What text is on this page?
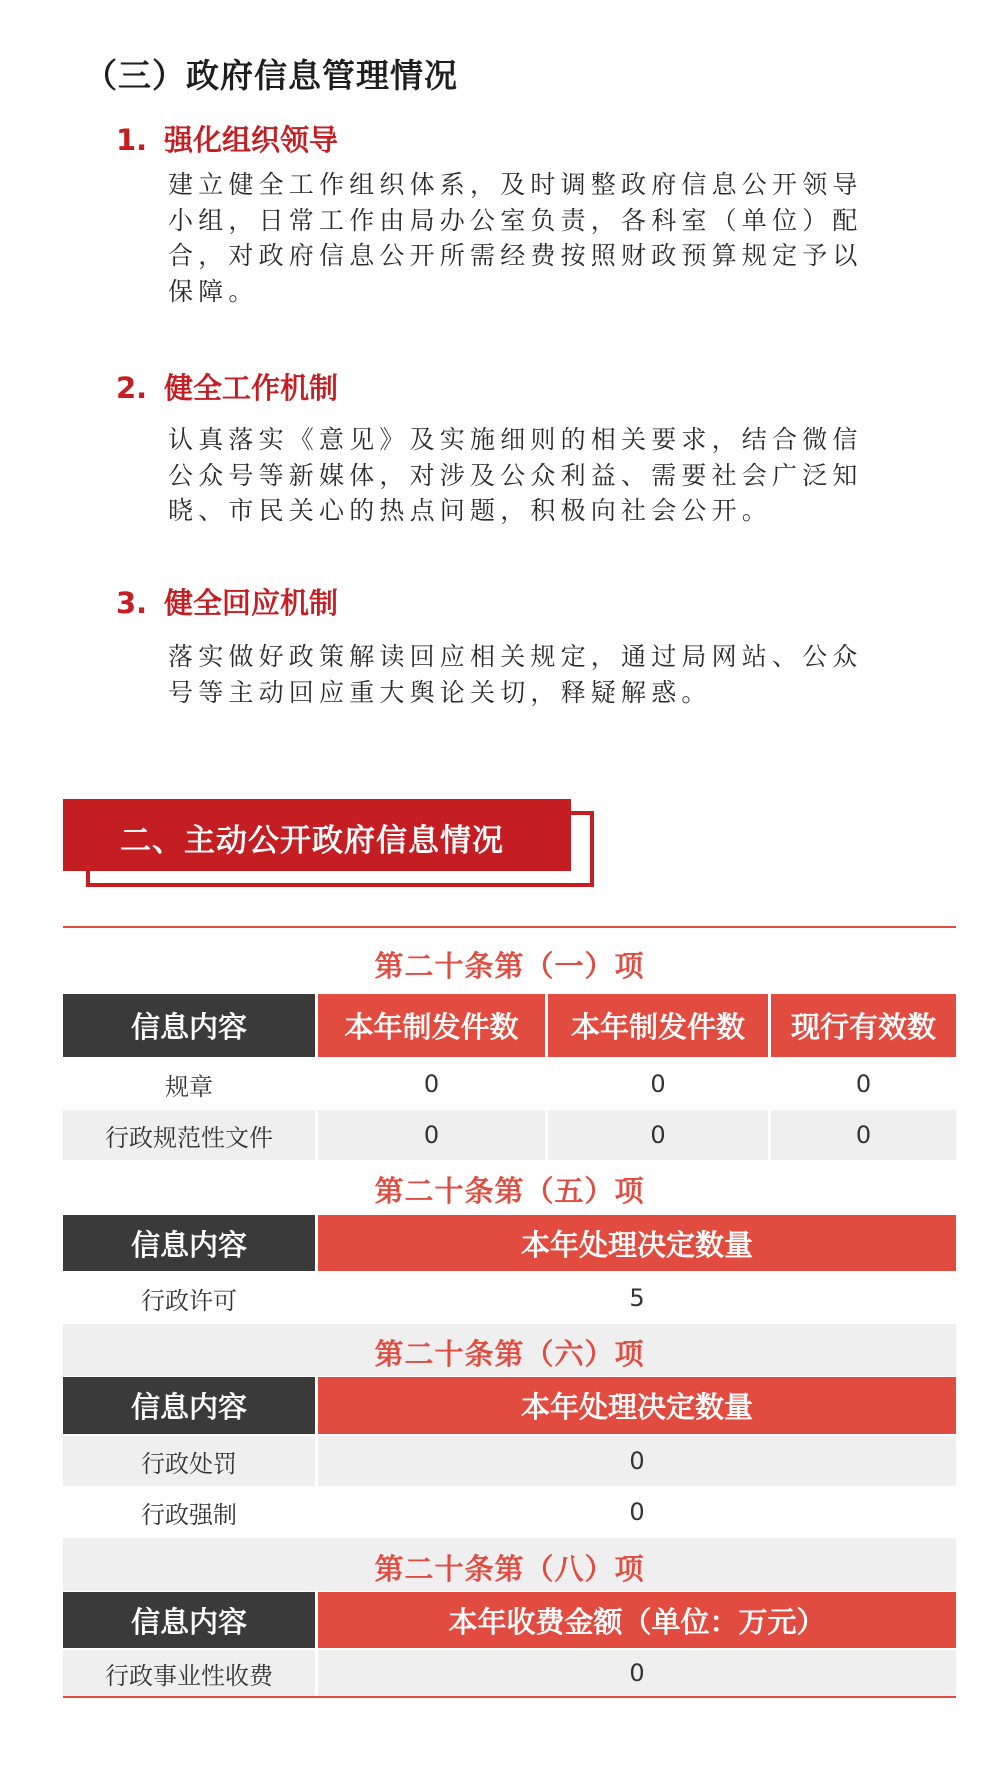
（三）政府信息管理情况
1. 强化组织领导
建立健全工作组织体系，及时调整政府信息公开领导
小组，日常工作由局办公室负责，各科室（单位）配
合，对政府信息公开所需经费按照财政预算规定予以
保障。
2. 健全工作机制
认真落实《意见》及实施细则的相关要求，结合微信
公众号等新媒体，对涉及公众利益、需要社会广泛知
晓、市民关心的热点问题，积极向社会公开。
3. 健全回应机制
落实做好政策解读回应相关规定，通过局网站、公众
号等主动回应重大舆论关切，释疑解惑。
二、主动公开政府信息情况
第二十条第（一）项
信息内容	本年制发件数	本年制发件数	现行有效数
规章	0	0	0
行政规范性文件	0	0	0
第二十条第（五）项
信息内容	本年处理决定数量
行政许可	5
第二十条第（六）项
信息内容	本年处理决定数量
行政处罚	0
行政强制	0
第二十条第（八）项
信息内容	本年收费金额（单位：万元）
行政事业性收费	0
